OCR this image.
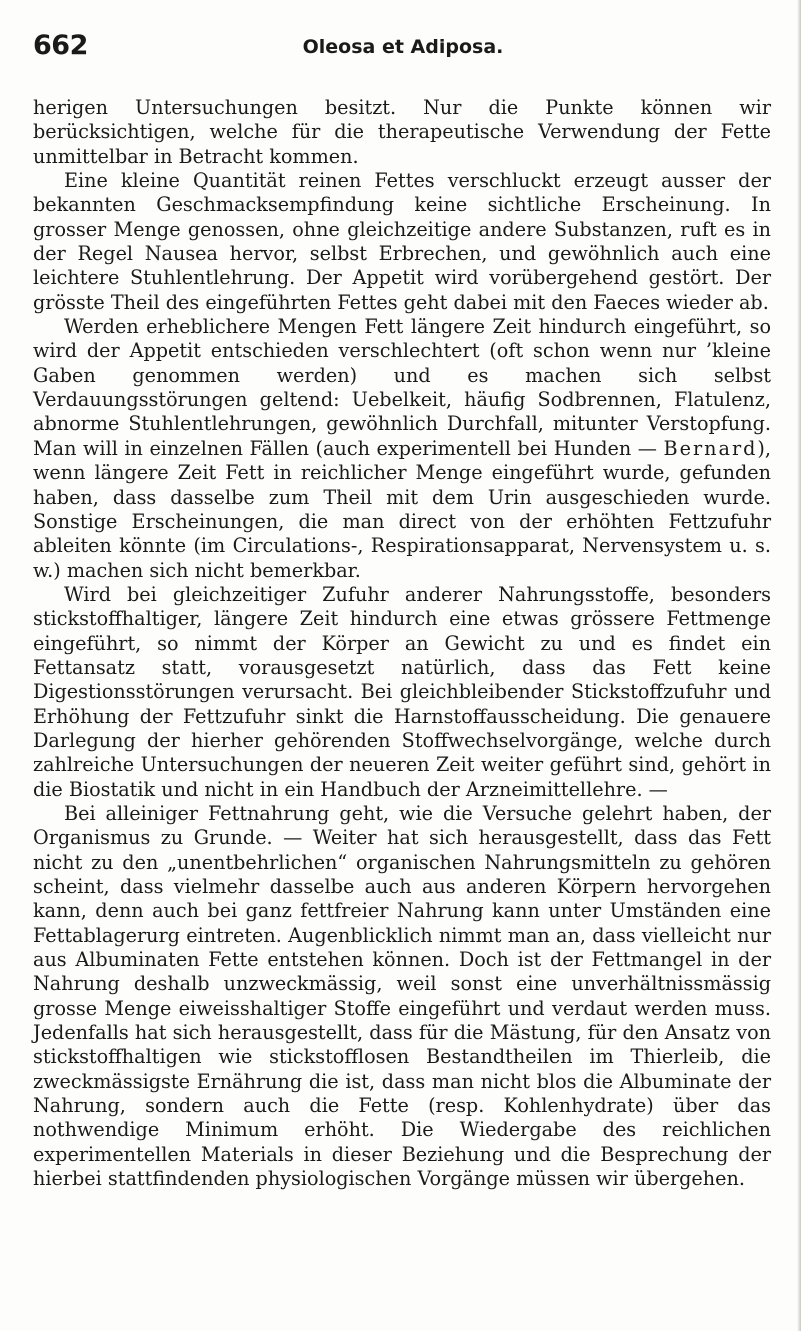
662	Oleosa et Adiposa.

herigen Untersuchungen besitzt. Nur die Punkte können wir berücksichtigen, welche für die therapeutische Verwendung der Fette unmittelbar in Betracht kommen.

Eine kleine Quantität reinen Fettes verschluckt erzeugt ausser der bekannten Geschmacksempfindung keine sichtliche Erscheinung. In grosser Menge genossen, ohne gleichzeitige andere Substanzen, ruft es in der Regel Nausea hervor, selbst Erbrechen, und gewöhnlich auch eine leichtere Stuhlentlehrung. Der Appetit wird vorübergehend gestört. Der grösste Theil des eingeführten Fettes geht dabei mit den Faeces wieder ab.

Werden erheblichere Mengen Fett längere Zeit hindurch eingeführt, so wird der Appetit entschieden verschlechtert (oft schon wenn nur ’kleine Gaben genommen werden) und es machen sich selbst Verdauungsstörungen geltend: Uebelkeit, häufig Sodbrennen, Flatulenz, abnorme Stuhlentlehrungen, gewöhnlich Durchfall, mitunter Verstopfung. Man will in einzelnen Fällen (auch experimentell bei Hunden — Bernard), wenn längere Zeit Fett in reichlicher Menge eingeführt wurde, gefunden haben, dass dasselbe zum Theil mit dem Urin ausgeschieden wurde. Sonstige Erscheinungen, die man direct von der erhöhten Fettzufuhr ableiten könnte (im Circulations-, Respirationsapparat, Nervensystem u. s. w.) machen sich nicht bemerkbar.

Wird bei gleichzeitiger Zufuhr anderer Nahrungsstoffe, besonders stickstoffhaltiger, längere Zeit hindurch eine etwas grössere Fettmenge eingeführt, so nimmt der Körper an Gewicht zu und es findet ein Fettansatz statt, vorausgesetzt natürlich, dass das Fett keine Digestionsstörungen verursacht. Bei gleichbleibender Stickstoffzufuhr und Erhöhung der Fettzufuhr sinkt die Harnstoffausscheidung. Die genauere Darlegung der hierher gehörenden Stoffwechselvorgänge, welche durch zahlreiche Untersuchungen der neueren Zeit weiter geführt sind, gehört in die Biostatik und nicht in ein Handbuch der Arzneimittellehre. —

Bei alleiniger Fettnahrung geht, wie die Versuche gelehrt haben, der Organismus zu Grunde. — Weiter hat sich herausgestellt, dass das Fett nicht zu den „unentbehrlichen“ organischen Nahrungsmitteln zu gehören scheint, dass vielmehr dasselbe auch aus anderen Körpern hervorgehen kann, denn auch bei ganz fettfreier Nahrung kann unter Umständen eine Fettablagerurg eintreten. Augenblicklich nimmt man an, dass vielleicht nur aus Albuminaten Fette entstehen können. Doch ist der Fettmangel in der Nahrung deshalb unzweckmässig, weil sonst eine unverhältnissmässig grosse Menge eiweisshaltiger Stoffe eingeführt und verdaut werden muss. Jedenfalls hat sich herausgestellt, dass für die Mästung, für den Ansatz von stickstoffhaltigen wie stickstofflosen Bestandtheilen im Thierleib, die zweckmässigste Ernährung die ist, dass man nicht blos die Albuminate der Nahrung, sondern auch die Fette (resp. Kohlenhydrate) über das nothwendige Minimum erhöht. Die Wiedergabe des reichlichen experimentellen Materials in dieser Beziehung und die Besprechung der hierbei stattfindenden physiologischen Vorgänge müssen wir übergehen.
